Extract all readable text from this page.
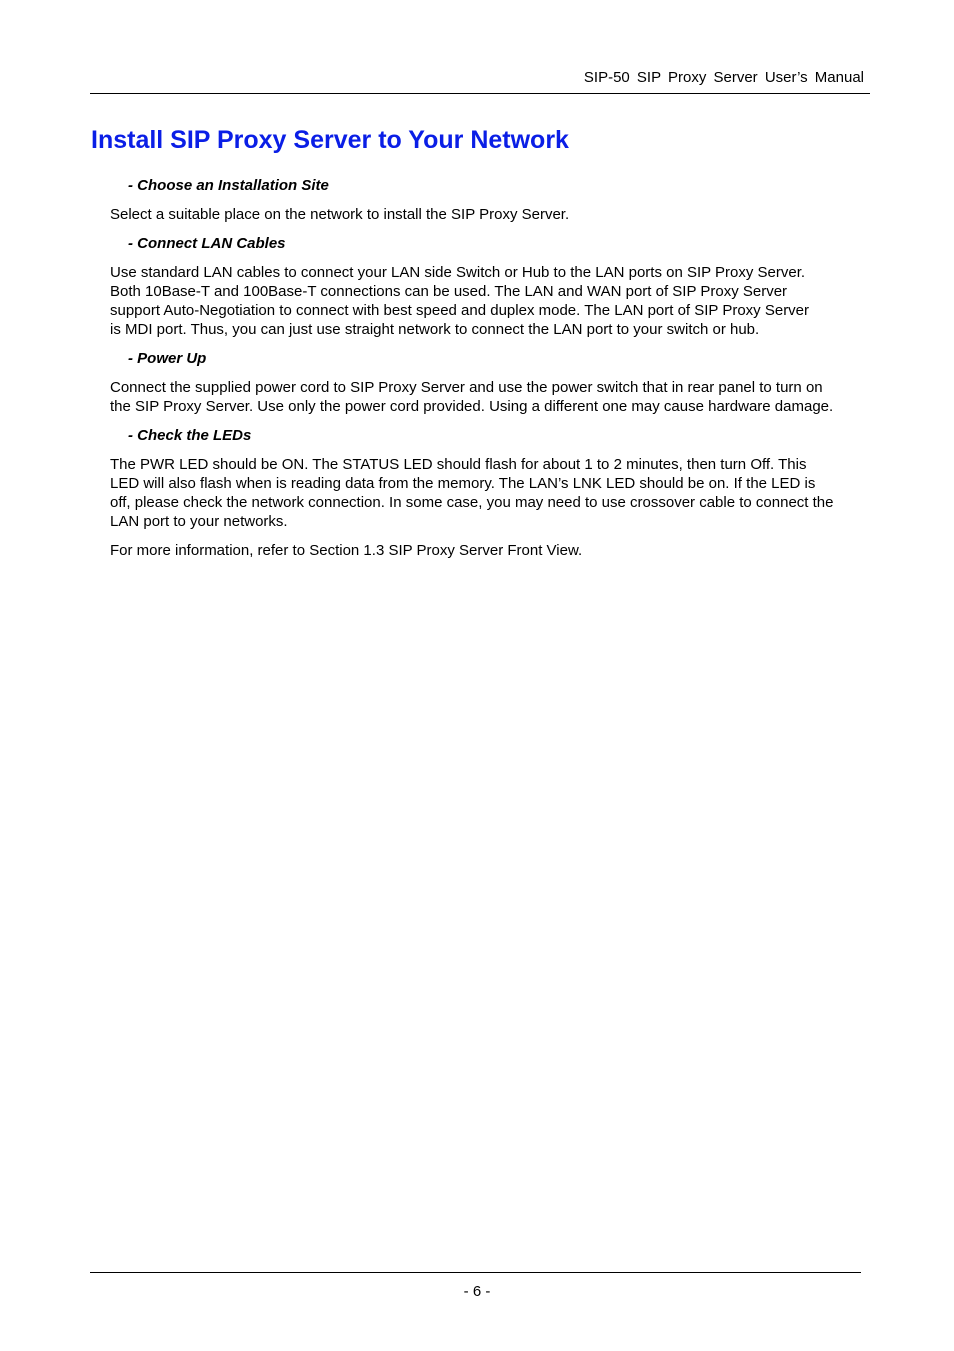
SIP-50 SIP Proxy Server User’s Manual
Install SIP Proxy Server to Your Network

- Choose an Installation Site

Select a suitable place on the network to install the SIP Proxy Server.

- Connect LAN Cables

Use standard LAN cables to connect your LAN side Switch or Hub to the LAN ports on SIP Proxy Server.
Both 10Base-T and 100Base-T connections can be used. The LAN and WAN port of SIP Proxy Server
support Auto-Negotiation to connect with best speed and duplex mode. The LAN port of SIP Proxy Server
is MDI port. Thus, you can just use straight network to connect the LAN port to your switch or hub.

- Power Up

Connect the supplied power cord to SIP Proxy Server and use the power switch that in rear panel to turn on
the SIP Proxy Server. Use only the power cord provided. Using a different one may cause hardware damage.

- Check the LEDs

The PWR LED should be ON. The STATUS LED should flash for about 1 to 2 minutes, then turn Off. This
LED will also flash when is reading data from the memory. The LAN’s LNK LED should be on. If the LED is
off, please check the network connection. In some case, you may need to use crossover cable to connect the
LAN port to your networks.

For more information, refer to Section 1.3 SIP Proxy Server Front View.

- 6 -
